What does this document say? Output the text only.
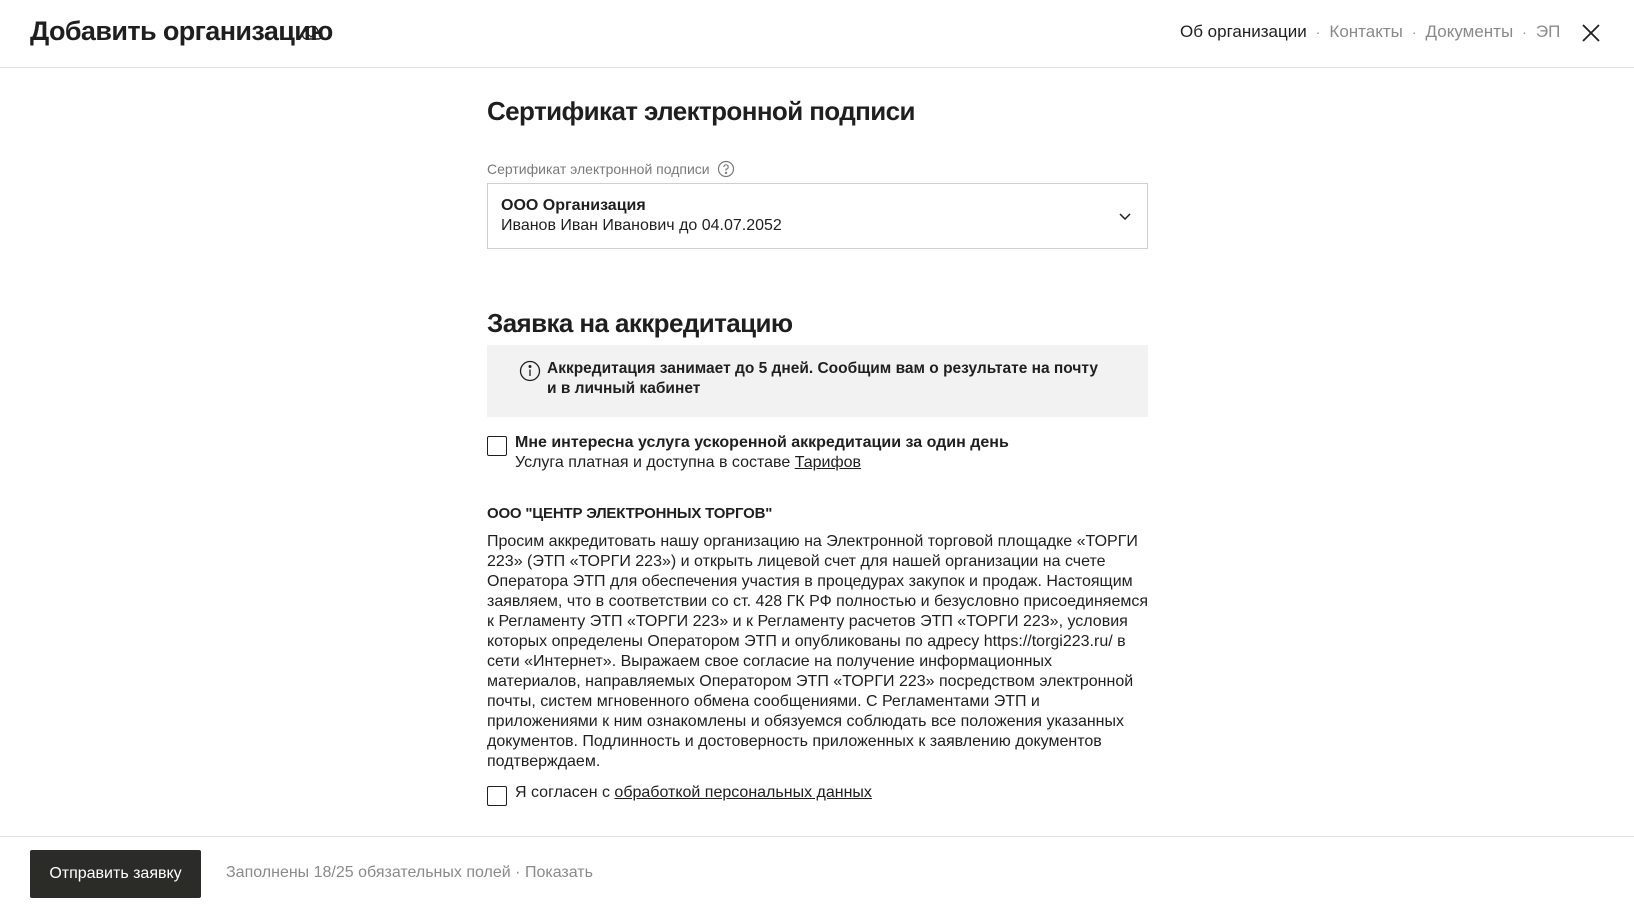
Добавить организацию	Об организации · Контакты · Документы · ЭП
Сертификат электронной подписи
Сертификат электронной подписи
ООО Организация
Иванов Иван Иванович до 04.07.2052
Заявка на аккредитацию
Аккредитация занимает до 5 дней. Сообщим вам о результате на почту и в личный кабинет
Мне интересна услуга ускоренной аккредитации за один день
Услуга платная и доступна в составе Тарифов
ООО "ЦЕНТР ЭЛЕКТРОННЫХ ТОРГОВ"
Просим аккредитовать нашу организацию на Электронной торговой площадке «ТОРГИ 223» (ЭТП «ТОРГИ 223») и открыть лицевой счет для нашей организации на счете Оператора ЭТП для обеспечения участия в процедурах закупок и продаж. Настоящим заявляем, что в соответствии со ст. 428 ГК РФ полностью и безусловно присоединяемся к Регламенту ЭТП «ТОРГИ 223» и к Регламенту расчетов ЭТП «ТОРГИ 223», условия которых определены Оператором ЭТП и опубликованы по адресу https://torgi223.ru/ в сети «Интернет». Выражаем свое согласие на получение информационных материалов, направляемых Оператором ЭТП «ТОРГИ 223» посредством электронной почты, систем мгновенного обмена сообщениями. С Регламентами ЭТП и приложениями к ним ознакомлены и обязуемся соблюдать все положения указанных документов. Подлинность и достоверность приложенных к заявлению документов подтверждаем.
Я согласен с обработкой персональных данных
Отправить заявку	Заполнены 18/25 обязательных полей · Показать
